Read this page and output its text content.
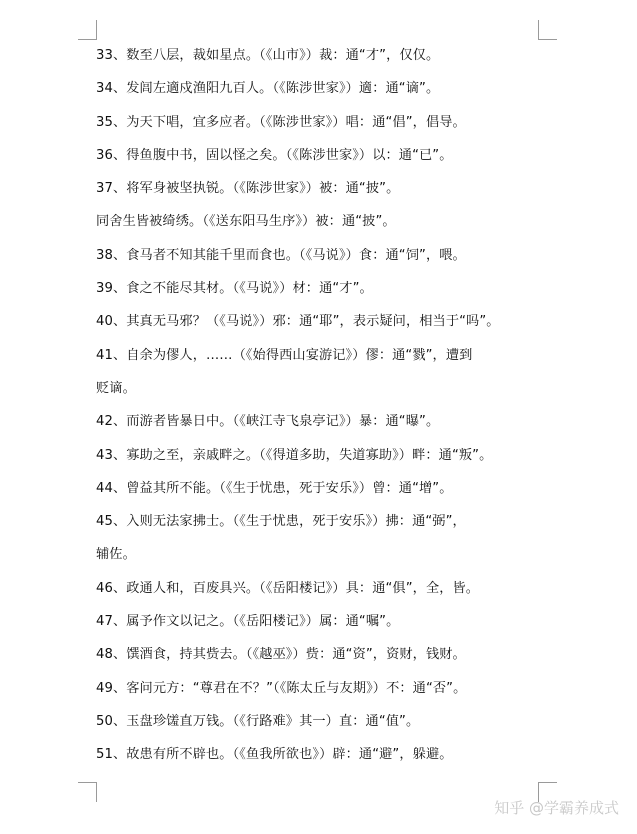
33、数至八层，裁如星点。（《山市》）裁：通“才”，仅仅。
34、发闾左適戍渔阳九百人。（《陈涉世家》）適：通“谪”。
35、为天下唱，宜多应者。（《陈涉世家》）唱：通“倡”，倡导。
36、得鱼腹中书，固以怪之矣。（《陈涉世家》）以：通“已”。
37、将军身被坚执锐。（《陈涉世家》）被：通“披”。
同舍生皆被绮绣。（《送东阳马生序》）被：通“披”。
38、食马者不知其能千里而食也。（《马说》）食：通“饲”，喂。
39、食之不能尽其材。（《马说》）材：通“才”。
40、其真无马邪？（《马说》）邪：通“耶”，表示疑问，相当于“吗”。
41、自余为僇人，……（《始得西山宴游记》）僇：通“戮”，遭到
贬谪。
42、而游者皆暴日中。（《峡江寺飞泉亭记》）暴：通“曝”。
43、寡助之至，亲戚畔之。（《得道多助，失道寡助》）畔：通“叛”。
44、曾益其所不能。（《生于忧患，死于安乐》）曾：通“增”。
45、入则无法家拂士。（《生于忧患，死于安乐》）拂：通“弼”，
辅佐。
46、政通人和，百废具兴。（《岳阳楼记》）具：通“俱”，全，皆。
47、属予作文以记之。（《岳阳楼记》）属：通“嘱”。
48、馔酒食，持其赀去。（《越巫》）赀：通“资”，资财，钱财。
49、客问元方：“尊君在不？”（《陈太丘与友期》）不：通“否”。
50、玉盘珍馐直万钱。（《行路难》其一）直：通“值”。
51、故患有所不辟也。（《鱼我所欲也》）辟：通“避”，躲避。
知乎 @学霸养成式
